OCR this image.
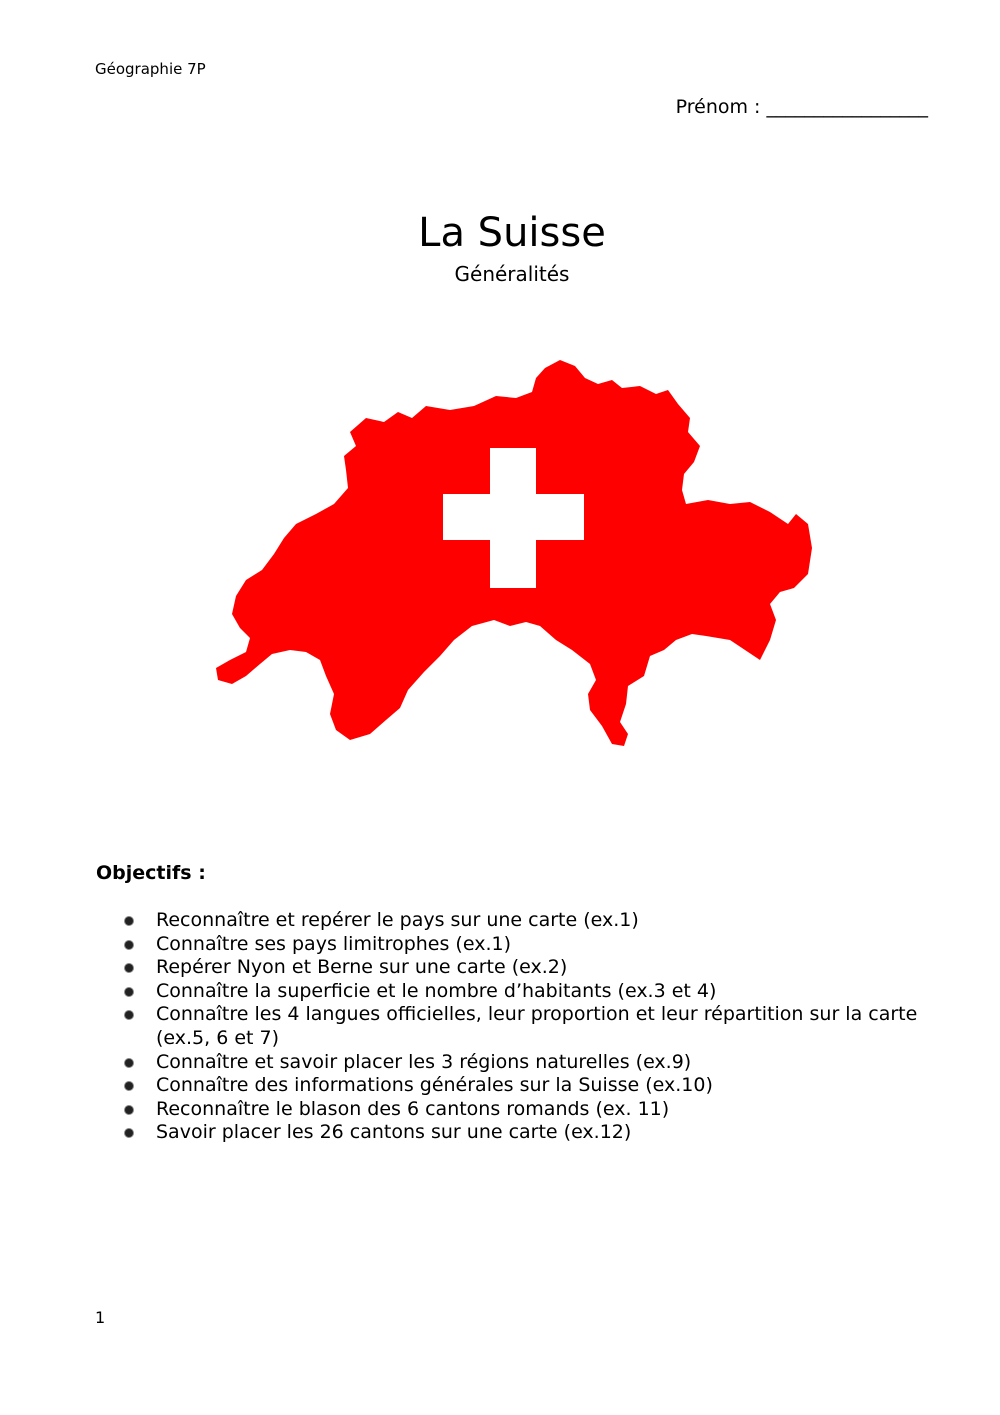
Géographie 7P
Prénom : _________________
La Suisse
Généralités
Objectifs :
Reconnaître et repérer le pays sur une carte (ex.1)
Connaître ses pays limitrophes (ex.1)
Repérer Nyon et Berne sur une carte (ex.2)
Connaître la superficie et le nombre d’habitants (ex.3 et 4)
Connaître les 4 langues officielles, leur proportion et leur répartition sur la carte (ex.5, 6 et 7)
Connaître et savoir placer les 3 régions naturelles (ex.9)
Connaître des informations générales sur la Suisse (ex.10)
Reconnaître le blason des 6 cantons romands (ex. 11)
Savoir placer les 26 cantons sur une carte (ex.12)
1
